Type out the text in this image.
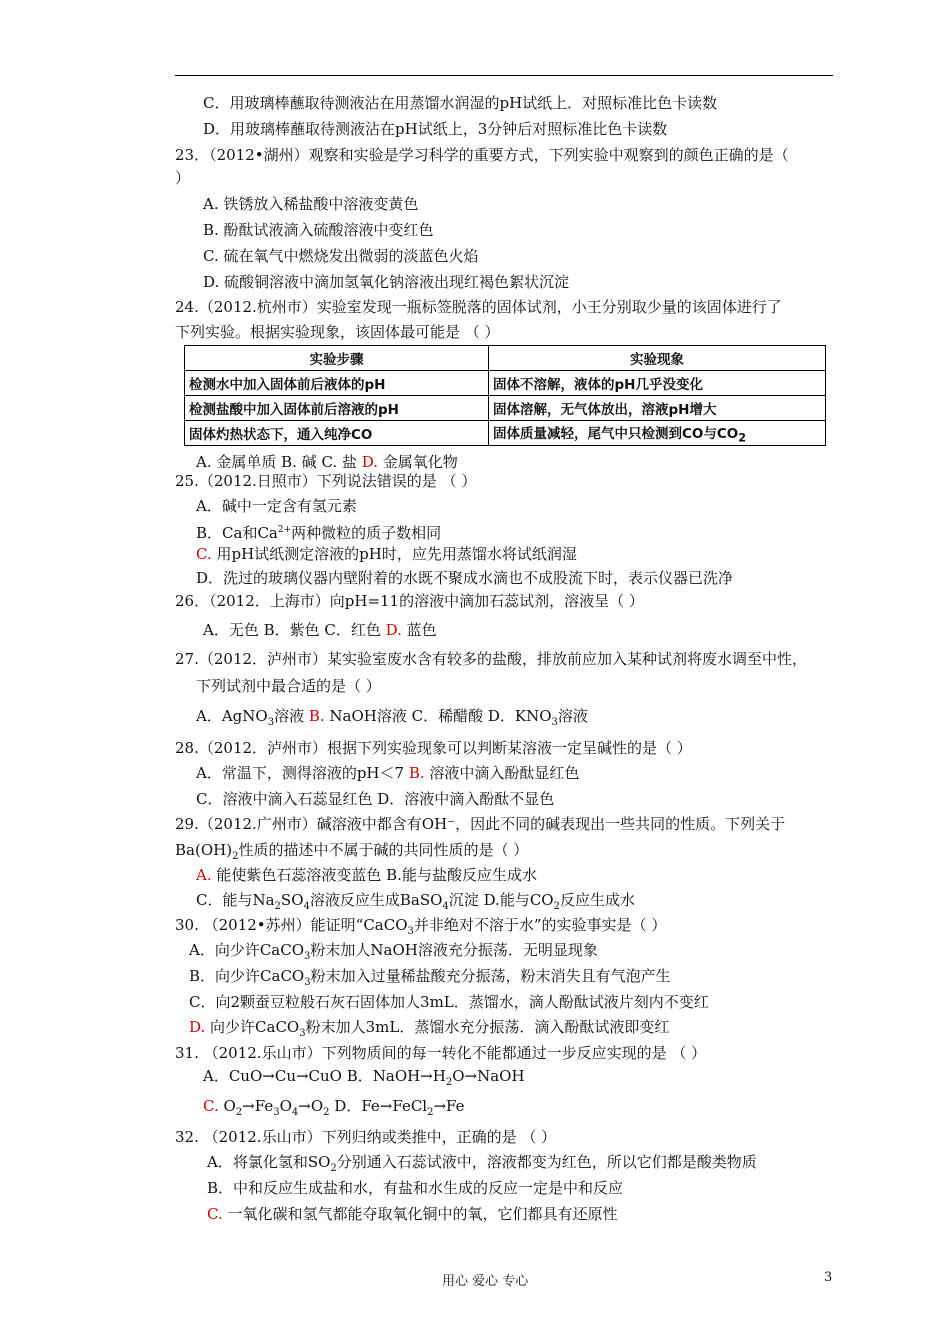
C．用玻璃棒蘸取待测液沾在用蒸馏水润湿的pH试纸上．对照标准比色卡读数
D．用玻璃棒蘸取待测液沾在pH试纸上，3分钟后对照标准比色卡读数
23．（2012•湖州）观察和实验是学习科学的重要方式，下列实验中观察到的颜色正确的是（
）
A. 铁锈放入稀盐酸中溶液变黄色
B. 酚酞试液滴入硫酸溶液中变红色
C. 硫在氧气中燃烧发出微弱的淡蓝色火焰
D. 硫酸铜溶液中滴加氢氧化钠溶液出现红褐色絮状沉淀
24.（2012.杭州市）实验室发现一瓶标签脱落的固体试剂，小王分别取少量的该固体进行了
下列实验。根据实验现象，该固体最可能是 （ ）
实验步骤	实验现象
检测水中加入固体前后液体的pH	固体不溶解，液体的pH几乎没变化
检测盐酸中加入固体前后溶液的pH	固体溶解，无气体放出，溶液pH增大
固体灼热状态下，通入纯净CO	固体质量减轻，尾气中只检测到CO与$CO_2$
A. 金属单质 B. 碱 C. 盐 D. 金属氧化物
25.（2012.日照市）下列说法错误的是 （ ）
A．碱中一定含有氢元素
B．Ca和$Ca^{2+}$两种微粒的质子数相同
C. 用pH试纸测定溶液的pH时，应先用蒸馏水将试纸润湿
D．洗过的玻璃仪器内壁附着的水既不聚成水滴也不成股流下时，表示仪器已洗净
26．（2012．上海市）向pH=11的溶液中滴加石蕊试剂，溶液呈（ ）
A．无色 B．紫色 C．红色 D. 蓝色
27.（2012．泸州市）某实验室废水含有较多的盐酸，排放前应加入某种试剂将废水调至中性，
下列试剂中最合适的是（ ）
A．AgNO$_3$溶液 B. NaOH溶液 C．稀醋酸 D．$KNO_3$溶液
28.（2012．泸州市）根据下列实验现象可以判断某溶液一定呈碱性的是（ ）
A．常温下，测得溶液的pH＜7 B. 溶液中滴入酚酞显红色
C．溶液中滴入石蕊显红色 D．溶液中滴入酚酞不显色
29.（2012.广州市）碱溶液中都含有OH⁻，因此不同的碱表现出一些共同的性质。下列关于
$Ba(OH)_2$性质的描述中不属于碱的共同性质的是（ ）
A. 能使紫色石蕊溶液变蓝色 B.能与盐酸反应生成水
C．能与$Na_2SO_4$溶液反应生成BaSO$_4$沉淀 D.能与$CO_2$反应生成水
30. （2012•苏州）能证明“CaCO$_3$并非绝对不溶于水”的实验事实是（ ）
A．向少许CaCO$_3$粉末加人NaOH溶液充分振荡．无明显现象
B．向少许CaCO$_3$粉末加入过量稀盐酸充分振荡，粉末消失且有气泡产生
C．向2颗蚕豆粒般石灰石固体加人3mL．蒸馏水，滴人酚酞试液片刻内不变红
D. 向少许CaCO$_3$粉末加人3mL．蒸馏水充分振荡．滴入酚酞试液即变红
31. （2012.乐山市）下列物质间的每一转化不能都通过一步反应实现的是 （ ）
A．CuO→Cu→CuO B．$NaOH\to H_2O\to NaOH$
C. $O_2\to Fe_3O_4\to O_2$ D．Fe→FeCl$_2$→Fe
32. （2012.乐山市）下列归纳或类推中，正确的是 （ ）
A．将氯化氢和$SO_2$分别通入石蕊试液中，溶液都变为红色，所以它们都是酸类物质
B．中和反应生成盐和水，有盐和水生成的反应一定是中和反应
C. 一氧化碳和氢气都能夺取氧化铜中的氧，它们都具有还原性
用心 爱心 专心	3
